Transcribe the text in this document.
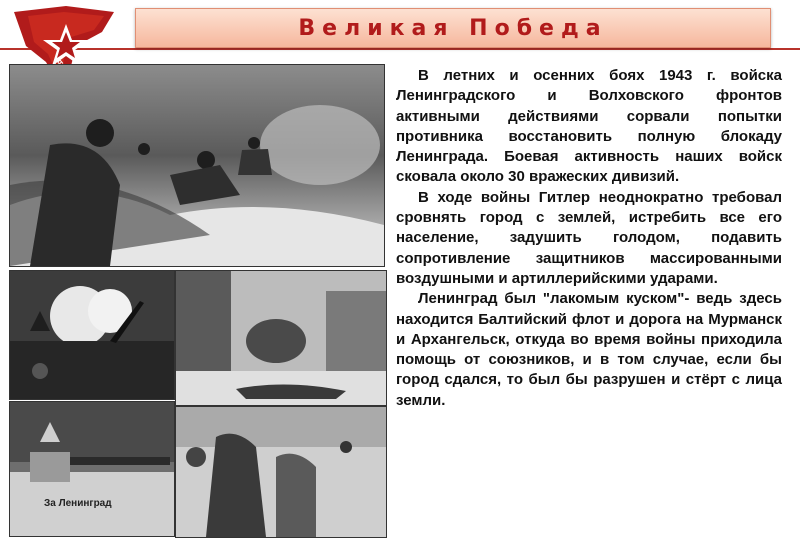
Великая Победа
За Ленинград

В летних и осенних боях 1943 г. войска Ленинградского и Волховского фронтов активными действиями сорвали попытки противника восстановить полную блокаду Ленинграда. Боевая активность наших войск сковала около 30 вражеских дивизий.

В ходе войны Гитлер неоднократно требовал сровнять город с землей, истребить все его население, задушить голодом, подавить сопротивление защитников массированными воздушными и артиллерийскими ударами.

Ленинград был "лакомым куском"- ведь здесь находится Балтийский флот и дорога на Мурманск и Архангельск, откуда во время войны приходила помощь от союзников, и в том случае, если бы город сдался, то был бы разрушен и стёрт с лица земли.
